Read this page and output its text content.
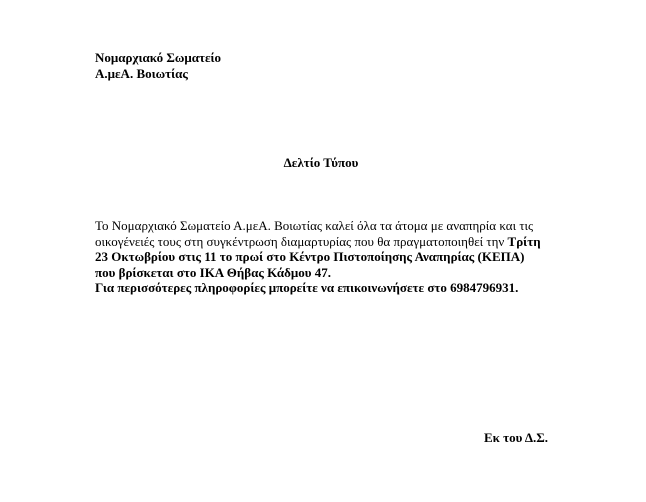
Νομαρχιακό Σωματείο
Α.μεΑ. Βοιωτίας
Δελτίο Τύπου
Το Νομαρχιακό Σωματείο Α.μεΑ. Βοιωτίας καλεί όλα τα άτομα με αναπηρία και τις
οικογένειές τους στη συγκέντρωση διαμαρτυρίας που θα πραγματοποιηθεί την Τρίτη
23 Οκτωβρίου στις 11 το πρωί στο Κέντρο Πιστοποίησης Αναπηρίας (ΚΕΠΑ)
που βρίσκεται στο ΙΚΑ Θήβας Κάδμου 47.
Για περισσότερες πληροφορίες μπορείτε να επικοινωνήσετε στο 6984796931.
Εκ του Δ.Σ.
